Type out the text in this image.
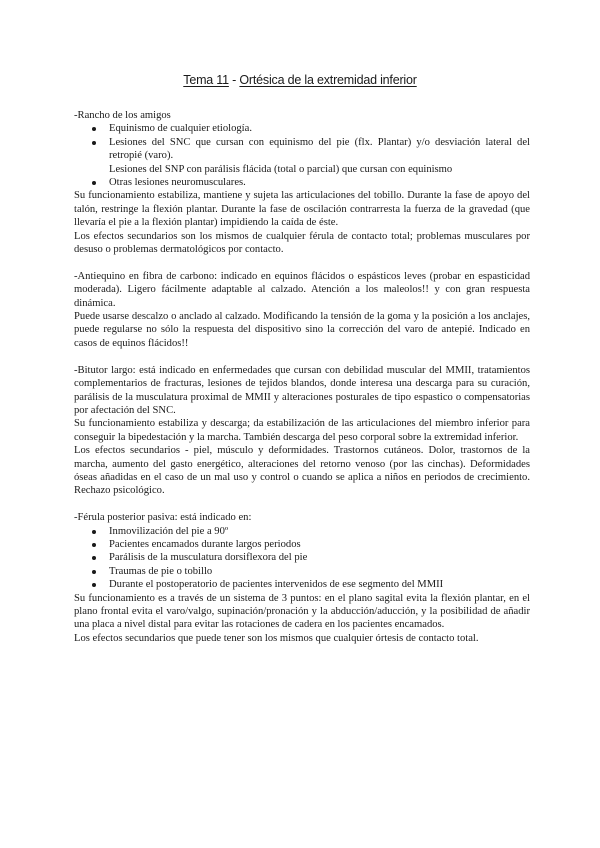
Tema 11 - Ortésica de la extremidad inferior

-Rancho de los amigos

Equinismo de cualquier etiología.
Lesiones del SNC que cursan con equinismo del pie (flx. Plantar) y/o desviación lateral del retropié (varo).
Lesiones del SNP con parálisis flácida (total o parcial) que cursan con equinismo
Otras lesiones neuromusculares.

Su funcionamiento estabiliza, mantiene y sujeta las articulaciones del tobillo. Durante la fase de apoyo del talón, restringe la flexión plantar. Durante la fase de oscilación contrarresta la fuerza de la gravedad (que llevaría el pie a la flexión plantar) impidiendo la caída de éste.

Los efectos secundarios son los mismos de cualquier férula de contacto total; problemas musculares por desuso o problemas dermatológicos por contacto.

-Antiequino en fibra de carbono: indicado en equinos flácidos o espásticos leves (probar en espasticidad moderada). Ligero fácilmente adaptable al calzado. Atención a los maleolos!! y con gran respuesta dinámica.

Puede usarse descalzo o anclado al calzado. Modificando la tensión de la goma y la posición a los anclajes, puede regularse no sólo la respuesta del dispositivo sino la corrección del varo de antepié. Indicado en casos de equinos flácidos!!

-Bitutor largo: está indicado en enfermedades que cursan con debilidad muscular del MMII, tratamientos complementarios de fracturas, lesiones de tejidos blandos, donde interesa una descarga para su curación, parálisis de la musculatura proximal de MMII y alteraciones posturales de tipo espastico o compensatorias por afectación del SNC.

Su funcionamiento estabiliza y descarga; da estabilización de las articulaciones del miembro inferior para conseguir la bipedestación y la marcha. También descarga del peso corporal sobre la extremidad inferior.

Los efectos secundarios - piel, músculo y deformidades. Trastornos cutáneos. Dolor, trastornos de la marcha, aumento del gasto energético, alteraciones del retorno venoso (por las cinchas). Deformidades óseas añadidas en el caso de un mal uso y control o cuando se aplica a niños en periodos de crecimiento. Rechazo psicológico.

-Férula posterior pasiva: está indicado en:

Inmovilización del pie a 90º
Pacientes encamados durante largos periodos
Parálisis de la musculatura dorsiflexora del pie
Traumas de pie o tobillo
Durante el postoperatorio de pacientes intervenidos de ese segmento del MMII

Su funcionamiento es a través de un sistema de 3 puntos: en el plano sagital evita la flexión plantar, en el plano frontal evita el varo/valgo, supinación/pronación y la abducción/aducción, y la posibilidad de añadir una placa a nivel distal para evitar las rotaciones de cadera en los pacientes encamados.

Los efectos secundarios que puede tener son los mismos que cualquier órtesis de contacto total.
